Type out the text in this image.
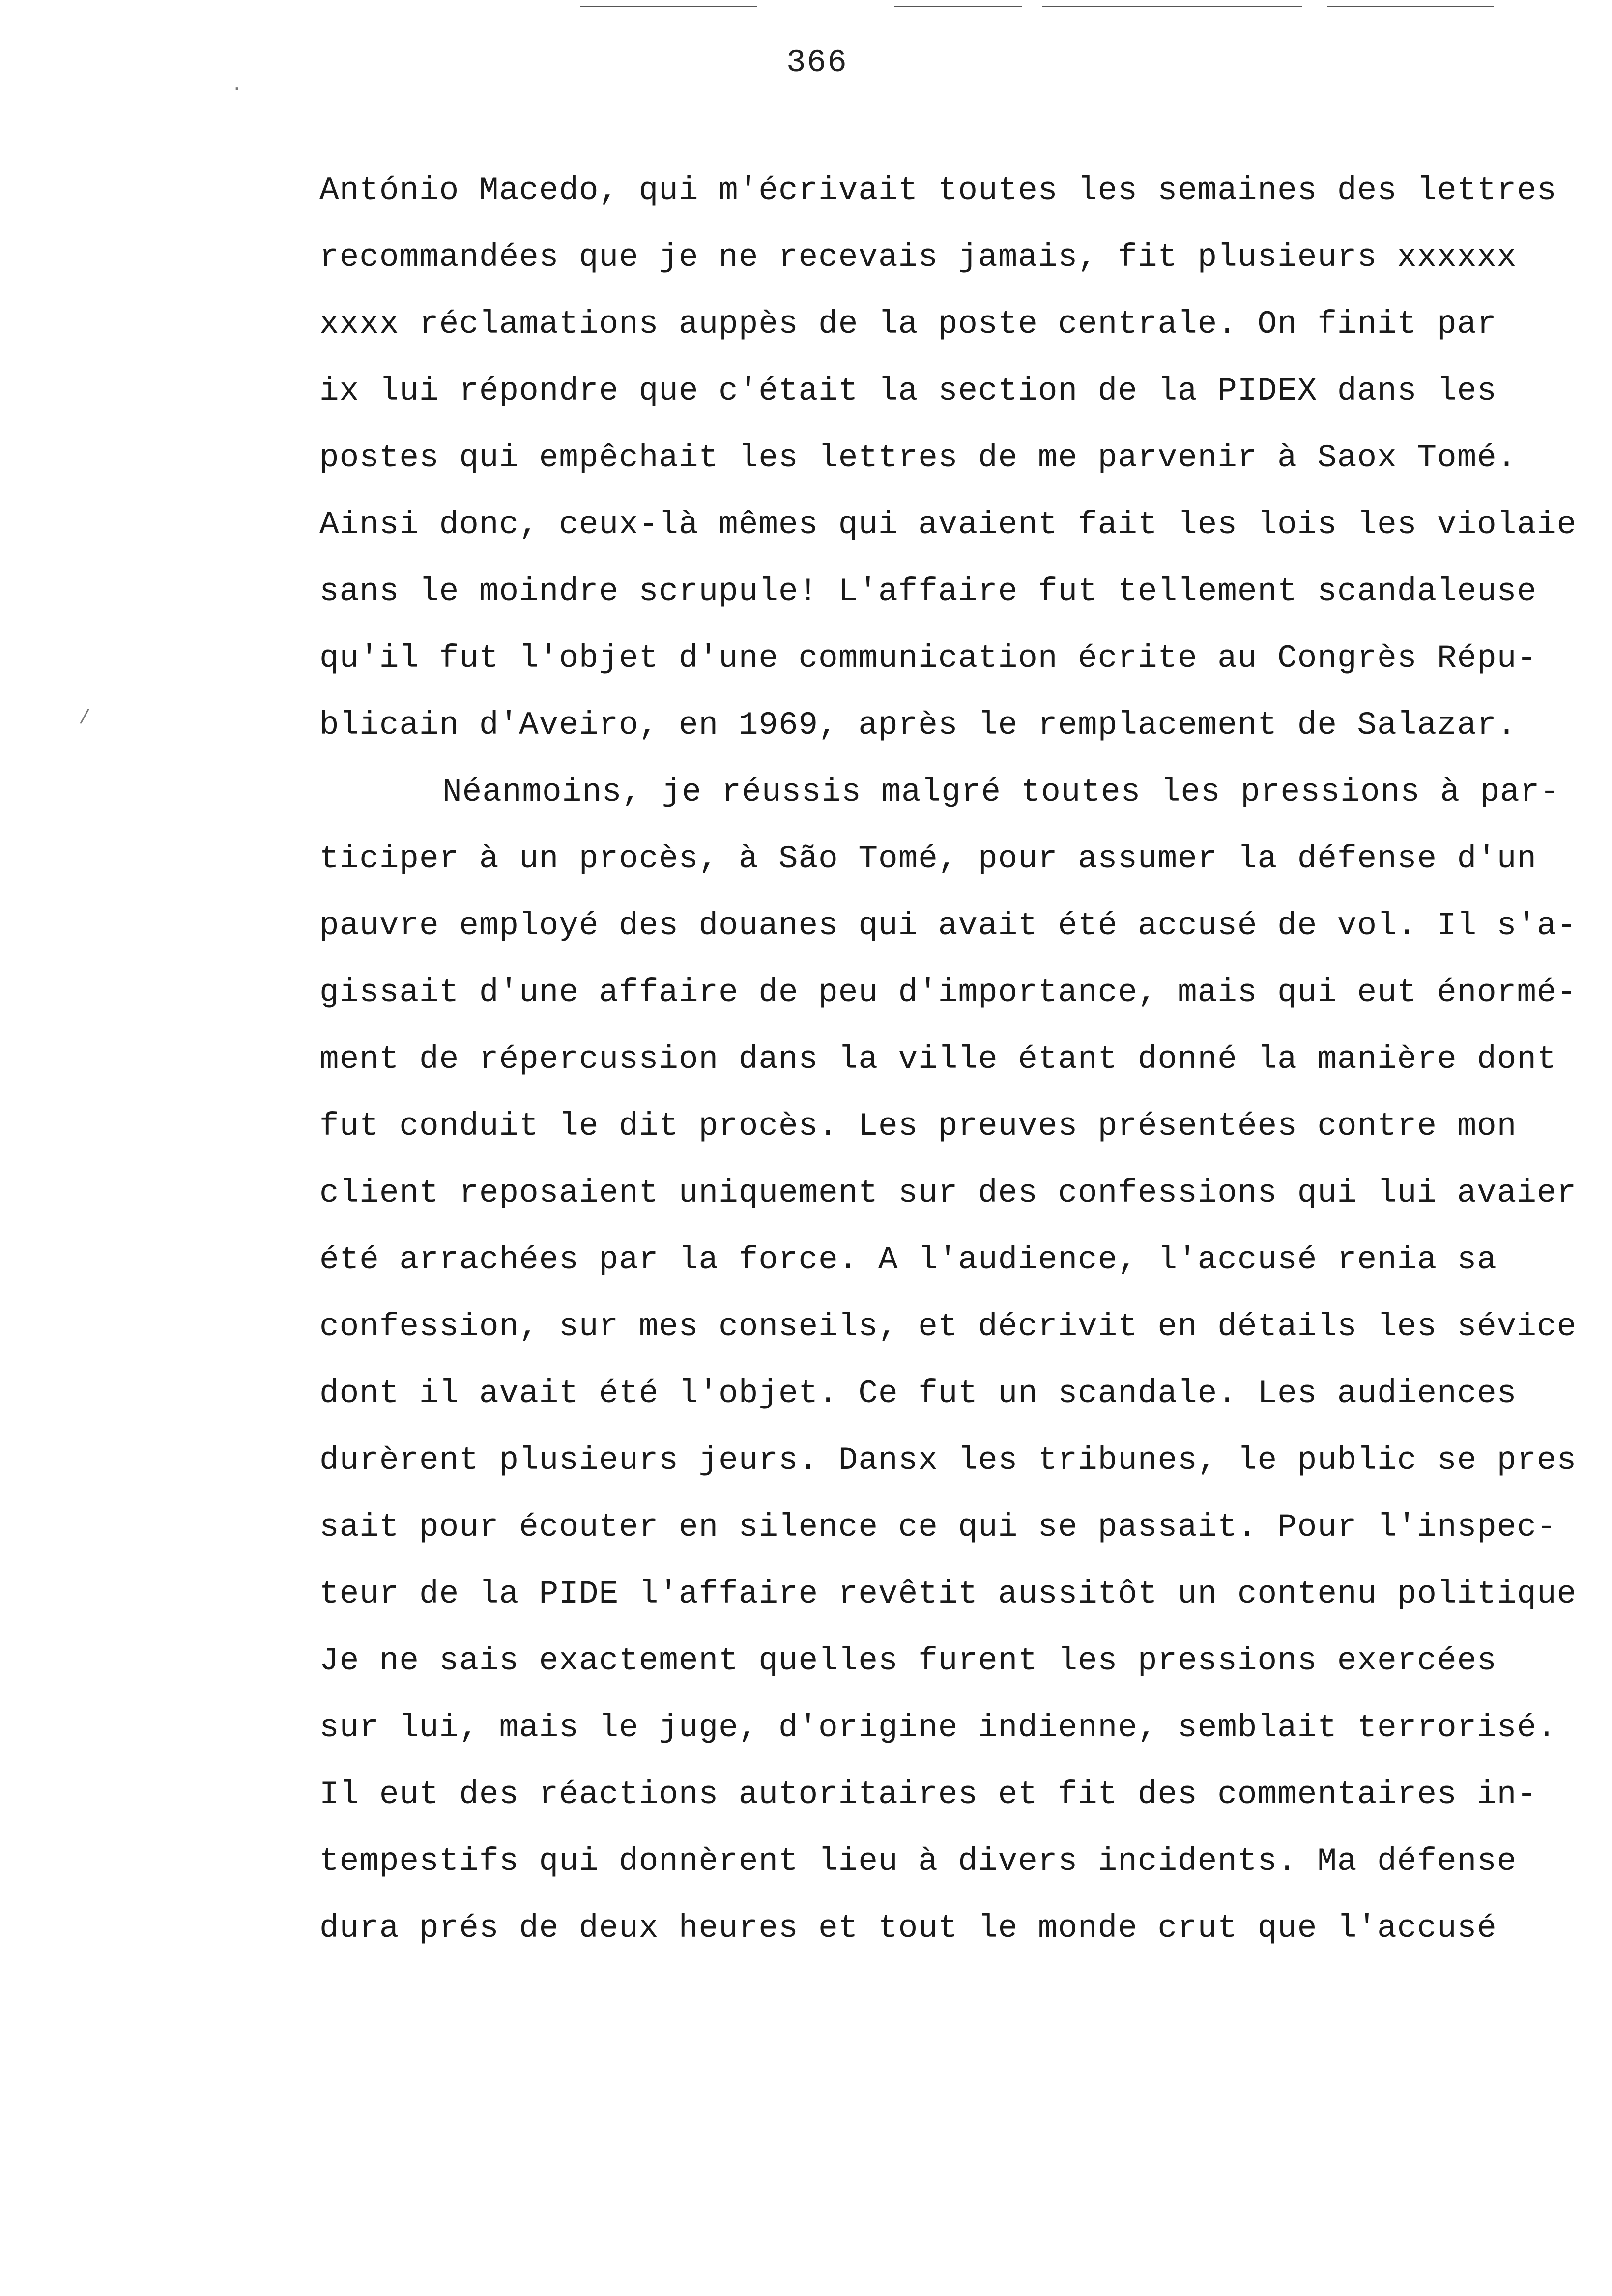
366
·
/
António Macedo, qui m'écrivait toutes les semaines des lettres
recommandées que je ne recevais jamais, fit plusieurs xxxxxx
xxxx réclamations auppès de la poste centrale. On finit par
ix lui répondre que c'était la section de la PIDEX dans les
postes qui empêchait les lettres de me parvenir à Saox Tomé.
Ainsi donc, ceux-là mêmes qui avaient fait les lois les violaie
sans le moindre scrupule! L'affaire fut tellement scandaleuse
qu'il fut l'objet d'une communication écrite au Congrès Répu-
blicain d'Aveiro, en 1969, après le remplacement de Salazar.
Néanmoins, je réussis malgré toutes les pressions à par-
ticiper à un procès, à São Tomé, pour assumer la défense d'un
pauvre employé des douanes qui avait été accusé de vol. Il s'a-
gissait d'une affaire de peu d'importance, mais qui eut énormé-
ment de répercussion dans la ville étant donné la manière dont
fut conduit le dit procès. Les preuves présentées contre mon
client reposaient uniquement sur des confessions qui lui avaier
été arrachées par la force. A l'audience, l'accusé renia sa
confession, sur mes conseils, et décrivit en détails les sévice
dont il avait été l'objet. Ce fut un scandale. Les audiences
durèrent plusieurs jeurs. Dansx les tribunes, le public se pres
sait pour écouter en silence ce qui se passait. Pour l'inspec-
teur de la PIDE l'affaire revêtit aussitôt un contenu politique
Je ne sais exactement quelles furent les pressions exercées
sur lui, mais le juge, d'origine indienne, semblait terrorisé.
Il eut des réactions autoritaires et fit des commentaires in-
tempestifs qui donnèrent lieu à divers incidents. Ma défense
dura prés de deux heures et tout le monde crut que l'accusé
